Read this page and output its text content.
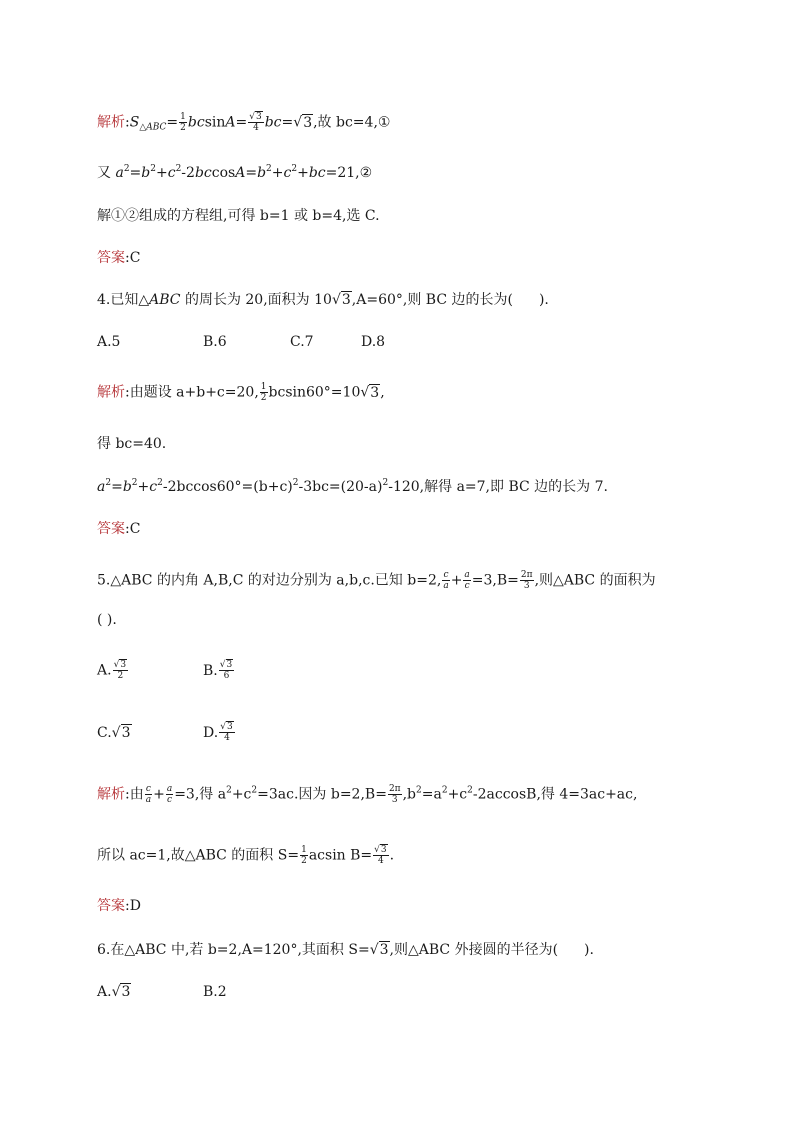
解析$:S_{\triangle ABC}= \frac{1}{2} bcsinA= \frac{√3}{4} bc=√3$,故 bc=4,①
又 $a^2=b^2+c^2-2bccosA=b^2+c^2+bc=21,②$
解①②组成的方程组,可得 b=1 或 b=4,选 C.
答案:C
4.已知△ABC 的周长为 20,面积为 10√3,A=60°,则 BC 边的长为( ).
A.5	B.6	C.7	D.8
解析:由题设 a+b+c=20, $\frac{1}{2} bcsin60^\circ=10√3$,
得 bc=40.
$a^2=b^2+c^2-2bccos60^\circ=(b+c)^2-3bc=(20-a)^2-120$,解得 a=7,即 BC 边的长为 7.
答案:C
5.△ABC 的内角 A,B,C 的对边分别为 a,b,c.已知 b=2, $\frac{c}{a} + \frac{a}{c} =3,B= \frac{2\pi}{3}$ ,则△ABC 的面积为
( ).
A. $\frac{√3}{2}$	B. $\frac{√3}{6}$
C.√3	D. $\frac{√3}{4}$
解析:由 $\frac{c}{a} + \frac{a}{c} =3$,得 $a^2+c^2=3ac$.因为 $b=2,B= \frac{2\pi}{3} ,b^2=a^2+c^2-2accosB$,得 4=3ac+ac,
所以 ac=1,故△ABC 的面积 $S= \frac{1}{2}$ acsin $B= \frac{√3}{4}$ .
答案:D
6.在△ABC 中,若 b=2,A=120°,其面积 S=√3,则△ABC 外接圆的半径为( ).
A.√3	B.2
